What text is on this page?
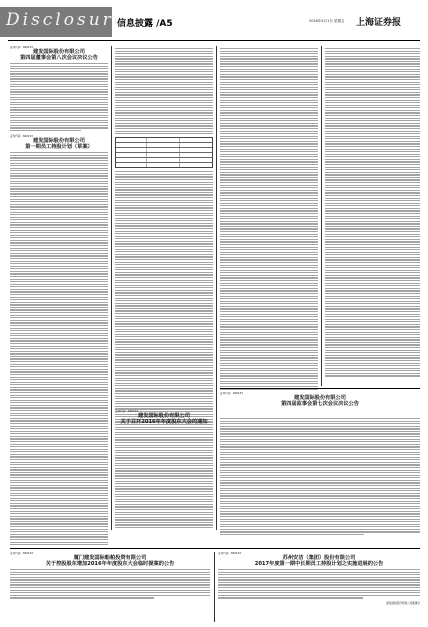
Disclosure
信息披露 /A5	2016年4月1日 星期五 上海证券报
证券代码：600153
建发国际股份有限公司
第四届董事会第八次会议决议公告
证券代码：600153
建发国际股份有限公司
第一期员工持股计划（草案）
证券代码：600153
建发国际股份有限公司
第四届监事会第七次会议决议公告
证券代码：600153
建发国际股份有限公司
关于召开2016年年度股东大会的通知
证券代码：600153
厦门建发国际船舶投资有限公司
关于控股股东增加2016年年度股东大会临时提案的公告
证券代码：600153
苏州安洁（集团）股份有限公司
2017年度第一期中长期员工持股计划之实施进展的公告
建发国际股份有限公司董事会
